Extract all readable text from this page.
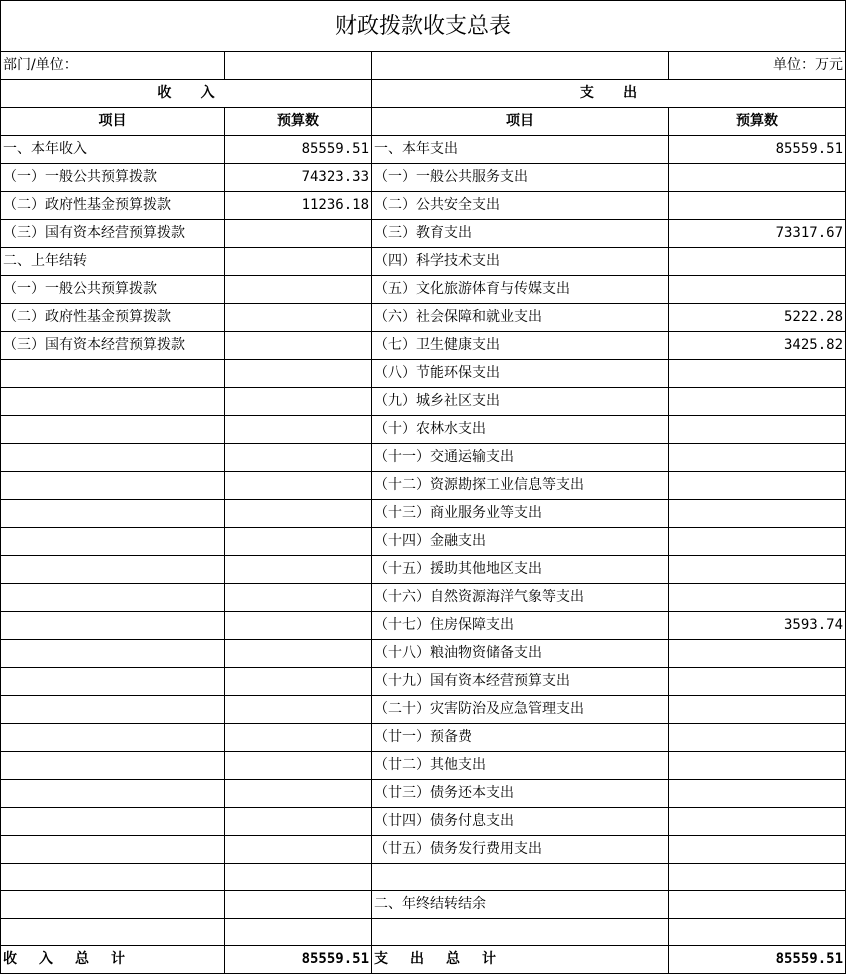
财政拨款收支总表			
部门/单位：			单位：万元
收      入		支      出	
项目	预算数	项目	预算数
一、本年收入	85559.51	一、本年支出	85559.51
（一）一般公共预算拨款	74323.33	（一）一般公共服务支出	
（二）政府性基金预算拨款	11236.18	（二）公共安全支出	
（三）国有资本经营预算拨款		（三）教育支出	73317.67
二、上年结转		（四）科学技术支出	
（一）一般公共预算拨款		（五）文化旅游体育与传媒支出	
（二）政府性基金预算拨款		（六）社会保障和就业支出	5222.28
（三）国有资本经营预算拨款		（七）卫生健康支出	3425.82
		（八）节能环保支出	
		（九）城乡社区支出	
		（十）农林水支出	
		（十一）交通运输支出	
		（十二）资源勘探工业信息等支出	
		（十三）商业服务业等支出	
		（十四）金融支出	
		（十五）援助其他地区支出	
		（十六）自然资源海洋气象等支出	
		（十七）住房保障支出	3593.74
		（十八）粮油物资储备支出	
		（十九）国有资本经营预算支出	
		（二十）灾害防治及应急管理支出	
		（廿一）预备费	
		（廿二）其他支出	
		（廿三）债务还本支出	
		（廿四）债务付息支出	
		（廿五）债务发行费用支出	

		二、年终结转结余	

收入总计	85559.51	支出总计	85559.51
